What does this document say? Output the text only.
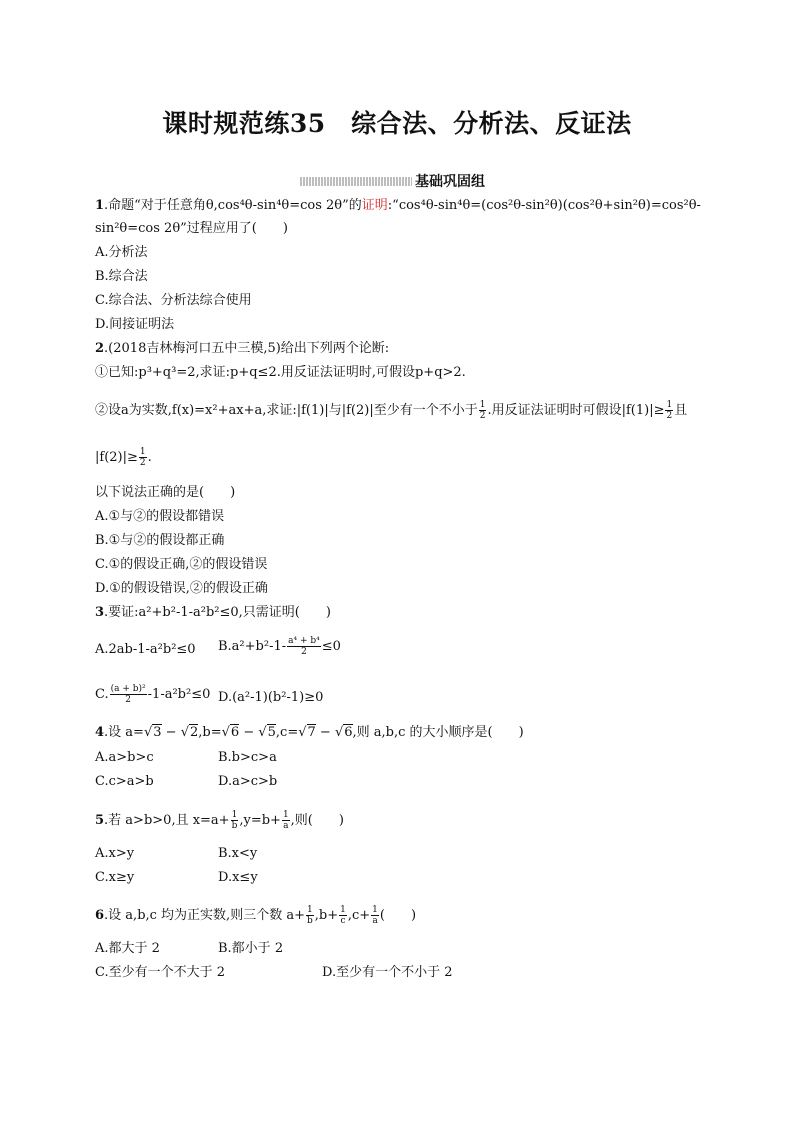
课时规范练35　综合法、分析法、反证法
基础巩固组
1.命题“对于任意角θ,cos⁴θ-sin⁴θ=cos 2θ”的证明:“cos⁴θ-sin⁴θ=(cos²θ-sin²θ)(cos²θ+sin²θ)=cos²θ-
sin²θ=cos 2θ”过程应用了(　　)
A.分析法
B.综合法
C.综合法、分析法综合使用
D.间接证明法
2.(2018吉林梅河口五中三模,5)给出下列两个论断:
①已知:p³+q³=2,求证:p+q≤2.用反证法证明时,可假设p+q>2.
②设a为实数,f(x)=x²+ax+a,求证:|f(1)|与|f(2)|至少有一个不小于 $\frac{1}{2}$ .用反证法证明时可假设$|f(1)|\ge \frac{1}{2}$ 且
$|f(2)|\ge \frac{1}{2}$ .
以下说法正确的是(　　)
A.①与②的假设都错误
B.①与②的假设都正确
C.①的假设正确,②的假设错误
D.①的假设错误,②的假设正确
3.要证:a²+b²-1-a²b²≤0,只需证明(　　)
A.2ab-1-a²b²≤0 $B.a^2+b^2-1- \frac{\text{a⁴ + b⁴}}{2} \le 0$
C. $\frac{\text{(a + b)²}}{2} -1-a^2b^2\le 0$ D.(a²-1)(b²-1)≥0
4.设 a=√3 − √2,b=√6 − √5,c=√7 − √6,则 a,b,c 的大小顺序是(　　)
A.a>b>c	B.b>c>a
C.c>a>b	D.a>c>b
5.若 a>b>0,且 $x=a+ \frac{1}{b} ,y=b+ \frac{1}{a}$ ,则(　　)
A.x>y	B.x<y
C.x≥y	D.x≤y
6.设 a,b,c 均为正实数,则三个数 $a+ \frac{1}{b} ,b+ \frac{1}{c} ,c+ \frac{1}{a}$ (　　)
A.都大于 2	B.都小于 2
C.至少有一个不大于 2	D.至少有一个不小于 2
